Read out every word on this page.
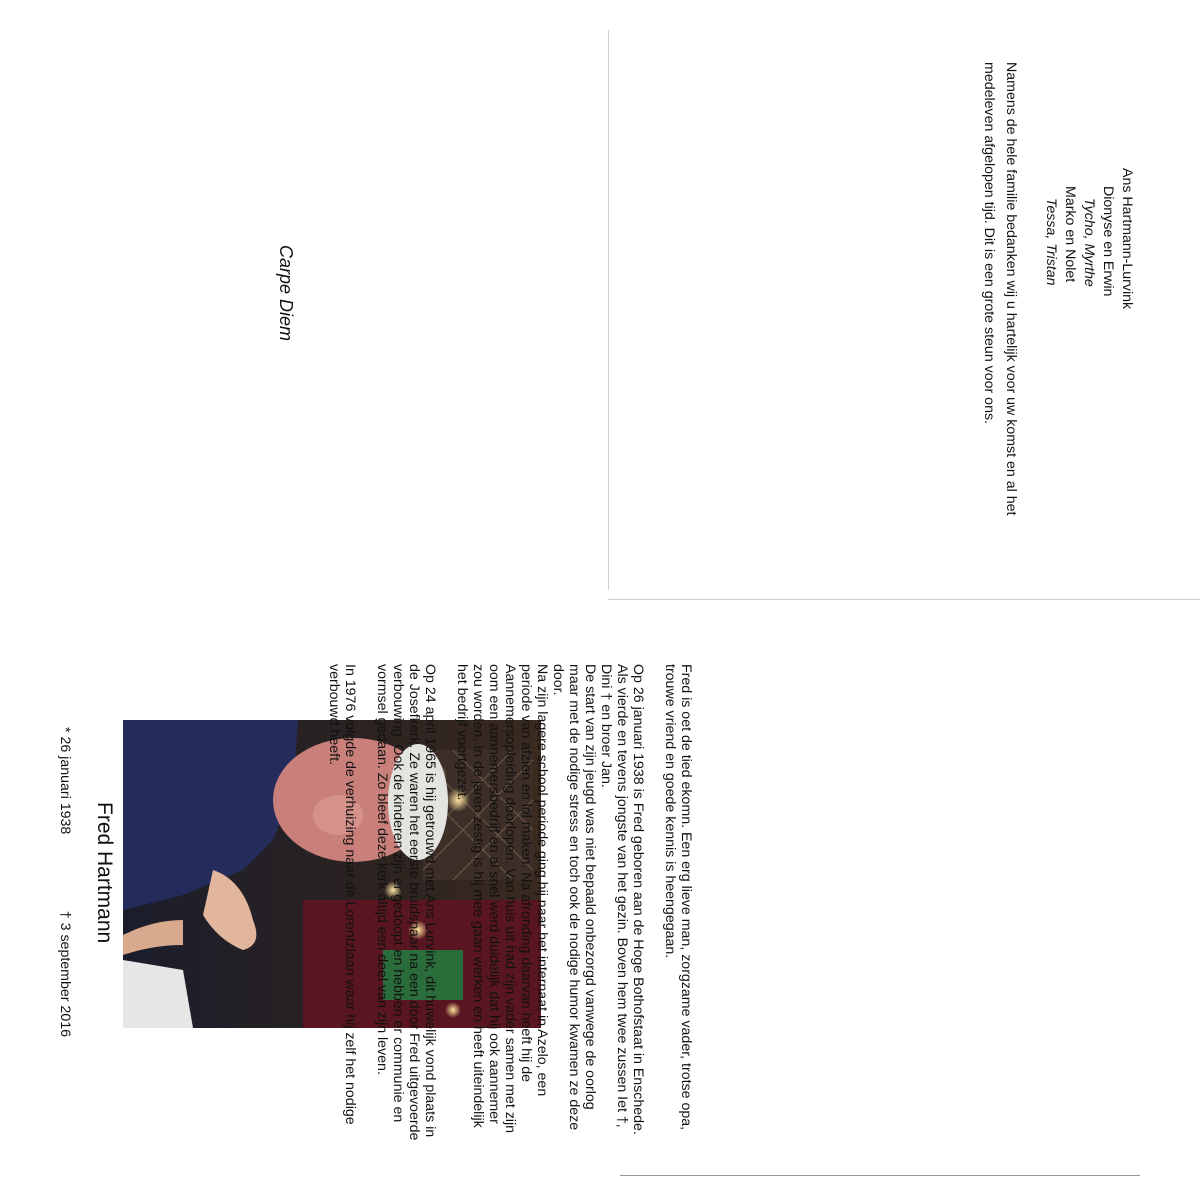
Carpe Diem	Namens de hele familie bedanken wij u hartelijk voor uw komst en al het medeleven afgelopen tijd. Dit is een grote steun voor ons.	Ans Hartmann-Lurvink

Dionyse en Erwin

Tycho, Myrthe

Marko en Nolet

Tessa, Tristan

Fred Hartmann
* 26 januari 1938
† 3 september 2016	Fred is oet de tied ekomn. Een erg lieve man, zorgzame vader, trotse opa, trouwe vriend en goede kennis is heengegaan.

Op 26 januari 1938 is Fred geboren aan de Hoge Bothofstaat in Enschede. Als vierde en tevens jongste van het gezin. Boven hem twee zussen Iet †, Dini † en broer Jan.

De start van zijn jeugd was niet bepaald onbezorgd vanwege de oorlog maar met de nodige stress en toch ook de nodige humor kwamen ze deze door.

Na zijn lagere school periode ging hij naar het internaat in Azelo, een periode van afzien en lol maken. Na afronding daarvan heeft hij de Aannemersopleiding doorlopen. Van huis uit had zijn vader samen met zijn oom een aannemersbedrijf en al snel werd duidelijk dat hij ook aannemer zou worden. In de jaren zestig is hij mee gaan werken en heeft uiteindelijk het bedrijf voortgezet.

Op 24 april 1965 is hij getrouwd met Ans Lurvink, dit huwelijk vond plaats in de Josefkerk. Ze waren het eerste bruidspaar na een door Fred uitgevoerde verbouwing. Ook de kinderen zijn er gedoopt en hebben er communie en vormsel gedaan. Zo bleef deze kerk altijd een deel van zijn leven.

In 1976 volgde de verhuizing naar de Lorentzlaan waar hij zelf het nodige verbouwd heeft.
